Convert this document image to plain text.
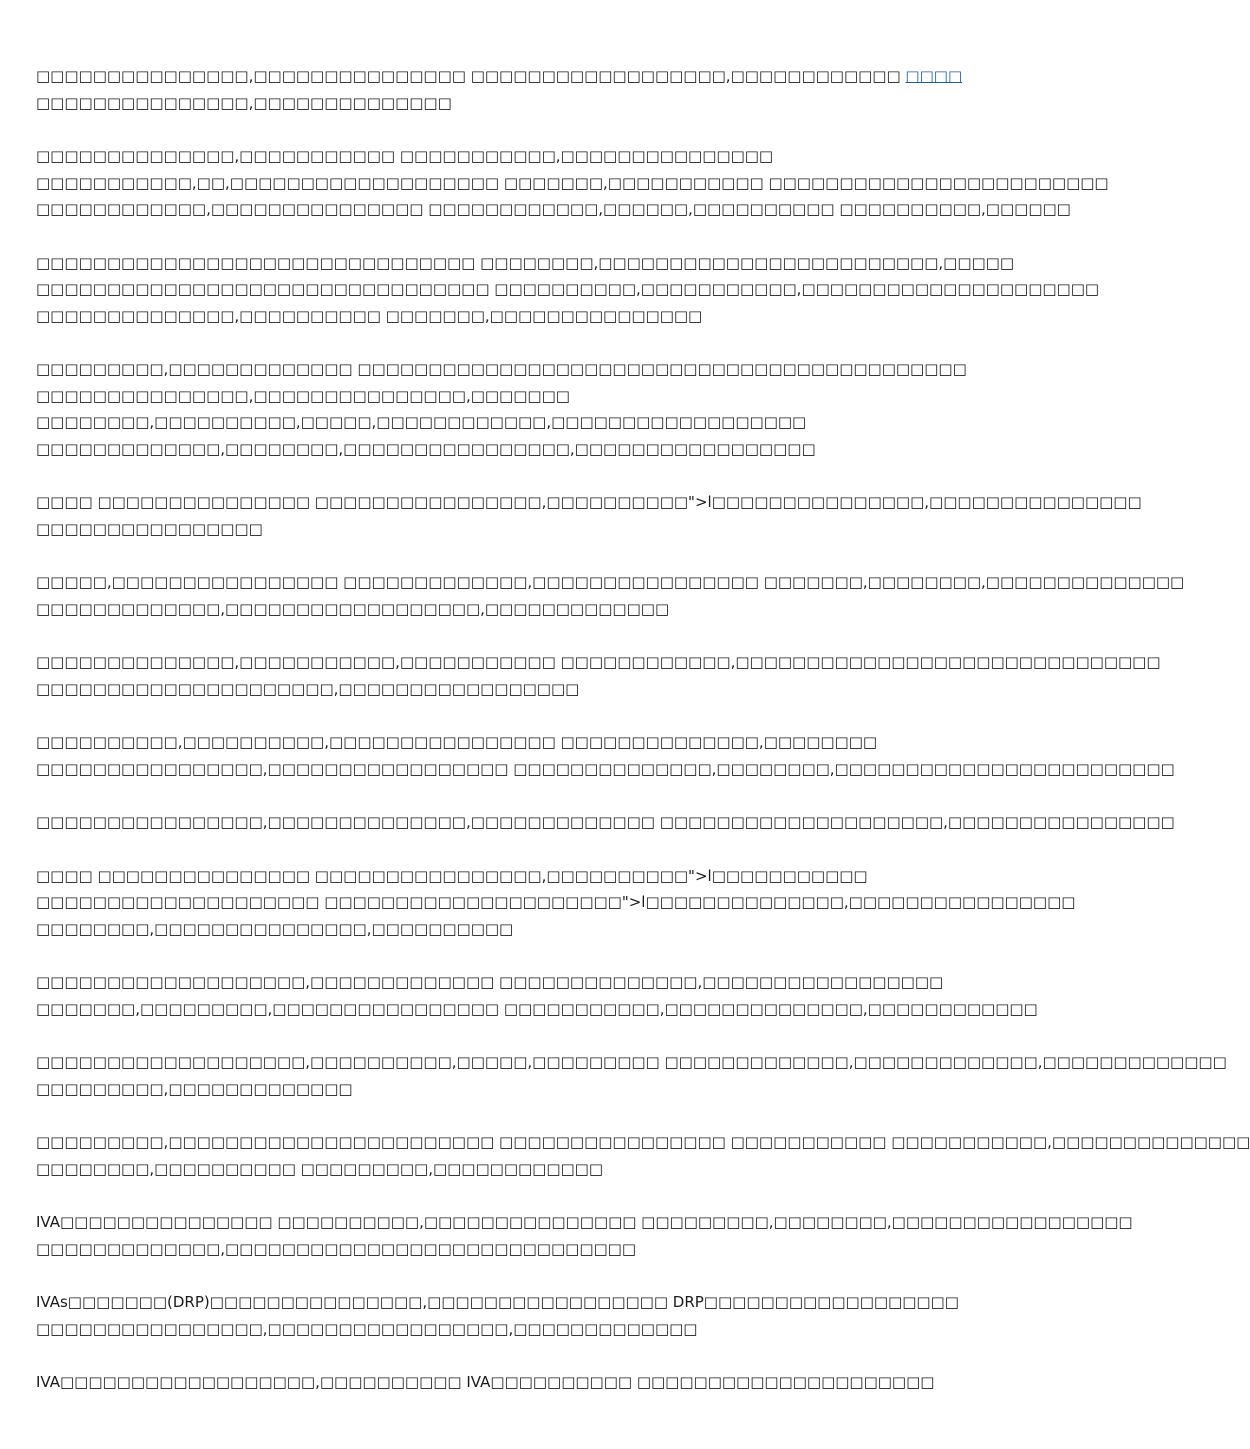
□□□□□□□□□□□□□□□,□□□□□□□□□□□□□□□ □□□□□□□□□□□□□□□□□□,□□□□□□□□□□□□ □□□□
□□□□□□□□□□□□□□□,□□□□□□□□□□□□□□

□□□□□□□□□□□□□□,□□□□□□□□□□□ □□□□□□□□□□□,□□□□□□□□□□□□□□□
□□□□□□□□□□□,□□,□□□□□□□□□□□□□□□□□□□ □□□□□□□,□□□□□□□□□□□ □□□□□□□□□□□□□□□□□□□□□□□□
□□□□□□□□□□□□,□□□□□□□□□□□□□□□ □□□□□□□□□□□□,□□□□□□,□□□□□□□□□□ □□□□□□□□□□,□□□□□□

□□□□□□□□□□□□□□□□□□□□□□□□□□□□□□□ □□□□□□□□,□□□□□□□□□□□□□□□□□□□□□□□□,□□□□□
□□□□□□□□□□□□□□□□□□□□□□□□□□□□□□□□ □□□□□□□□□□,□□□□□□□□□□□,□□□□□□□□□□□□□□□□□□□□□
□□□□□□□□□□□□□□,□□□□□□□□□□ □□□□□□□,□□□□□□□□□□□□□□□

□□□□□□□□□,□□□□□□□□□□□□□ □□□□□□□□□□□□□□□□□□□□□□□□□□□□□□□□□□□□□□□□□□□
□□□□□□□□□□□□□□□,□□□□□□□□□□□□□□□,□□□□□□□
□□□□□□□□,□□□□□□□□□□,□□□□□,□□□□□□□□□□□□,□□□□□□□□□□□□□□□□□□
□□□□□□□□□□□□□,□□□□□□□□,□□□□□□□□□□□□□□□□,□□□□□□□□□□□□□□□□□

□□□□ □□□□□□□□□□□□□□□ □□□□□□□□□□□□□□□□,□□□□□□□□□□">l□□□□□□□□□□□□□□□,□□□□□□□□□□□□□□□
□□□□□□□□□□□□□□□□

□□□□□,□□□□□□□□□□□□□□□□ □□□□□□□□□□□□□,□□□□□□□□□□□□□□□□ □□□□□□□,□□□□□□□□,□□□□□□□□□□□□□□
□□□□□□□□□□□□□,□□□□□□□□□□□□□□□□□□,□□□□□□□□□□□□□

□□□□□□□□□□□□□□,□□□□□□□□□□□,□□□□□□□□□□□ □□□□□□□□□□□□,□□□□□□□□□□□□□□□□□□□□□□□□□□□□□□
□□□□□□□□□□□□□□□□□□□□□,□□□□□□□□□□□□□□□□□

□□□□□□□□□□,□□□□□□□□□□,□□□□□□□□□□□□□□□□ □□□□□□□□□□□□□□,□□□□□□□□
□□□□□□□□□□□□□□□□,□□□□□□□□□□□□□□□□□ □□□□□□□□□□□□□□,□□□□□□□□,□□□□□□□□□□□□□□□□□□□□□□□□

□□□□□□□□□□□□□□□□,□□□□□□□□□□□□□□,□□□□□□□□□□□□□ □□□□□□□□□□□□□□□□□□□□,□□□□□□□□□□□□□□□□

□□□□ □□□□□□□□□□□□□□□ □□□□□□□□□□□□□□□□,□□□□□□□□□□">l□□□□□□□□□□□
□□□□□□□□□□□□□□□□□□□□ □□□□□□□□□□□□□□□□□□□□□">l□□□□□□□□□□□□□□,□□□□□□□□□□□□□□□□
□□□□□□□□,□□□□□□□□□□□□□□□,□□□□□□□□□□

□□□□□□□□□□□□□□□□□□□,□□□□□□□□□□□□□ □□□□□□□□□□□□□□,□□□□□□□□□□□□□□□□□
□□□□□□□,□□□□□□□□□,□□□□□□□□□□□□□□□□ □□□□□□□□□□□,□□□□□□□□□□□□□□,□□□□□□□□□□□□

□□□□□□□□□□□□□□□□□□□,□□□□□□□□□□,□□□□□,□□□□□□□□□ □□□□□□□□□□□□□,□□□□□□□□□□□□□,□□□□□□□□□□□□□
□□□□□□□□□,□□□□□□□□□□□□□

□□□□□□□□□,□□□□□□□□□□□□□□□□□□□□□□□ □□□□□□□□□□□□□□□□ □□□□□□□□□□□ □□□□□□□□□□□,□□□□□□□□□□□□□□
□□□□□□□□,□□□□□□□□□□ □□□□□□□□□,□□□□□□□□□□□□

IVA□□□□□□□□□□□□□□□ □□□□□□□□□□,□□□□□□□□□□□□□□□ □□□□□□□□□,□□□□□□□□,□□□□□□□□□□□□□□□□□
□□□□□□□□□□□□□,□□□□□□□□□□□□□□□□□□□□□□□□□□□□□

IVAs□□□□□□□(DRP)□□□□□□□□□□□□□□□,□□□□□□□□□□□□□□□□□ DRP□□□□□□□□□□□□□□□□□□
□□□□□□□□□□□□□□□□,□□□□□□□□□□□□□□□□□,□□□□□□□□□□□□□

IVA□□□□□□□□□□□□□□□□□□,□□□□□□□□□□ IVA□□□□□□□□□□ □□□□□□□□□□□□□□□□□□□□□
